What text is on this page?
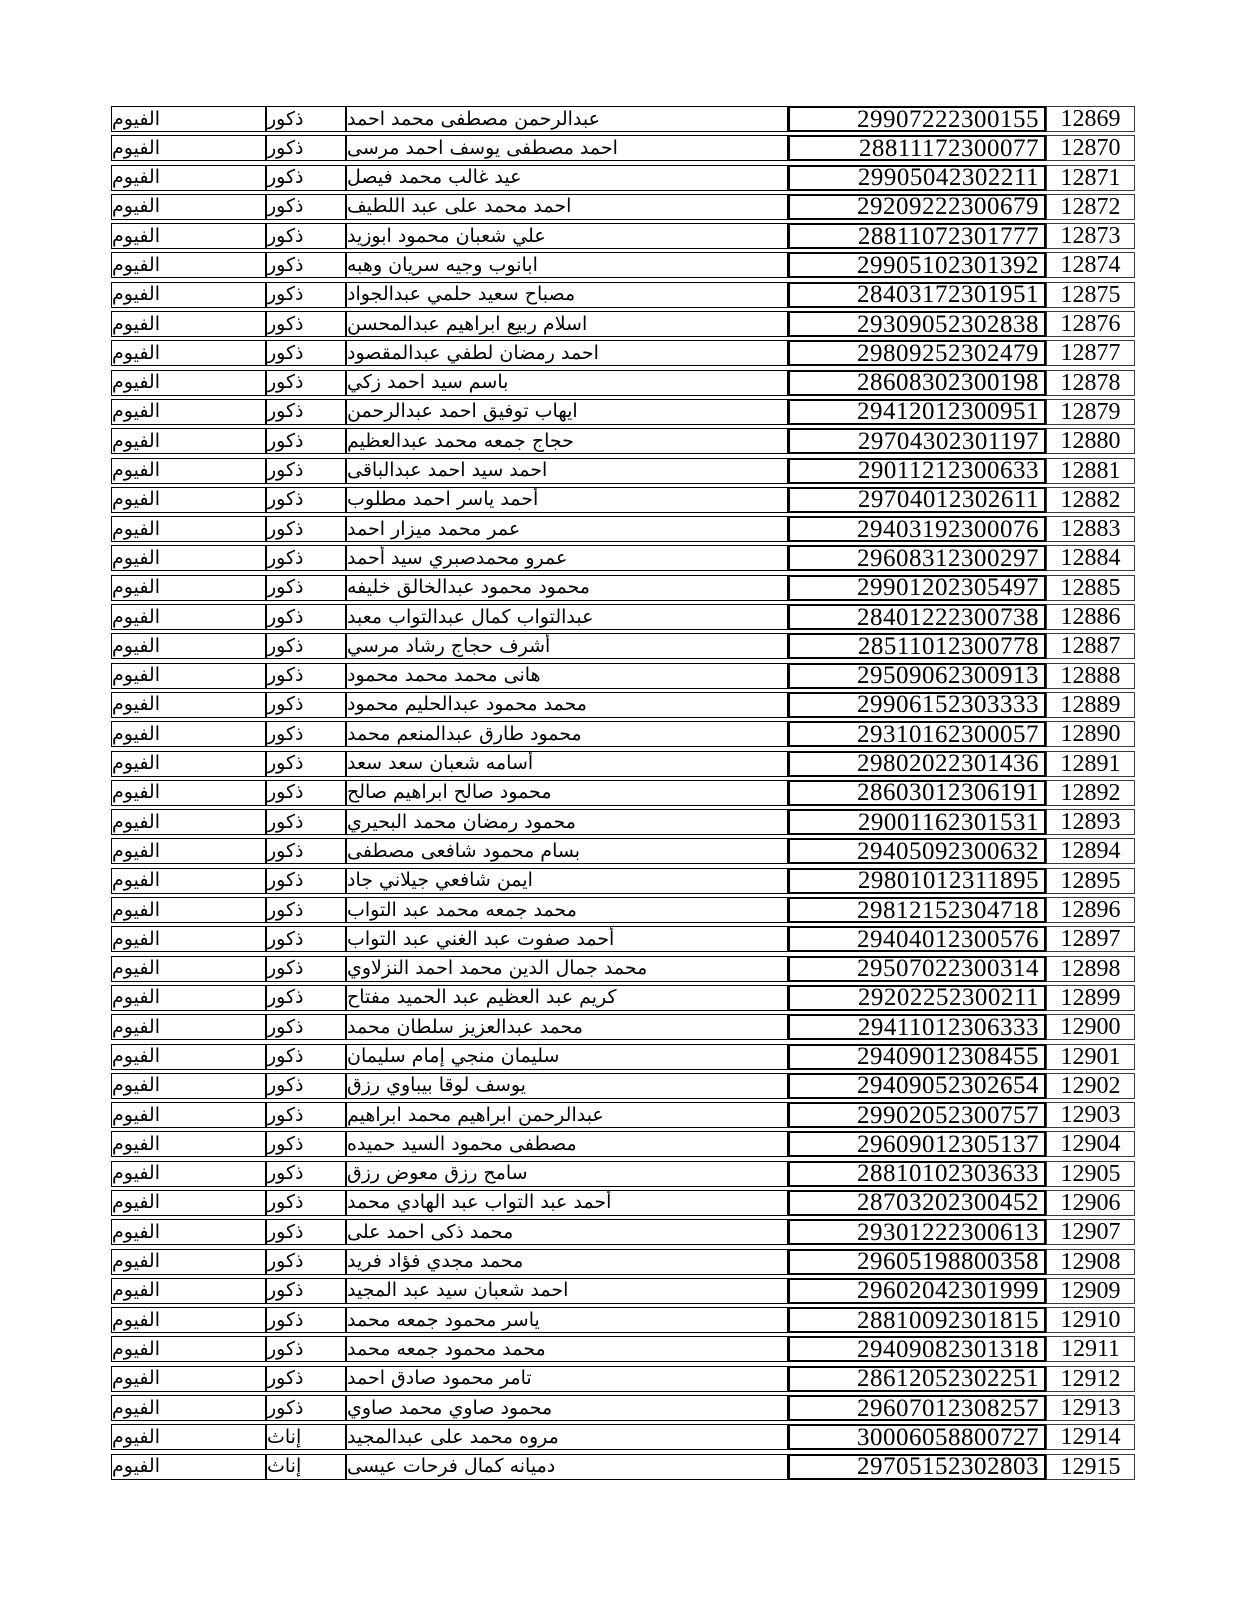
الفيوم	ذكور	عبدالرحمن مصطفى محمد احمد	29907222300155 12869
الفيوم	ذكور	احمد مصطفى يوسف احمد مرسى	28811172300077 12870
الفيوم	ذكور	عيد غالب محمد فيصل	29905042302211 12871
الفيوم	ذكور	احمد محمد على عبد اللطيف	29209222300679 12872
الفيوم	ذكور	علي شعبان محمود ابوزيد	28811072301777 12873
الفيوم	ذكور	ابانوب وجيه سريان وهبه	29905102301392 12874
الفيوم	ذكور	مصباح سعيد حلمي عبدالجواد	28403172301951 12875
الفيوم	ذكور	اسلام ربيع ابراهيم عبدالمحسن	29309052302838 12876
الفيوم	ذكور	احمد رمضان لطفي عبدالمقصود	29809252302479 12877
الفيوم	ذكور	باسم سيد احمد زكي	28608302300198 12878
الفيوم	ذكور	ايهاب توفيق احمد عبدالرحمن	29412012300951 12879
الفيوم	ذكور	حجاج جمعه محمد عبدالعظيم	29704302301197 12880
الفيوم	ذكور	احمد سيد احمد عبدالباقى	29011212300633 12881
الفيوم	ذكور	أحمد ياسر احمد مطلوب	29704012302611 12882
الفيوم	ذكور	عمر محمد ميزار احمد	29403192300076 12883
الفيوم	ذكور	عمرو محمدصبري سيد أحمد	29608312300297 12884
الفيوم	ذكور	محمود محمود عبدالخالق خليفه	29901202305497 12885
الفيوم	ذكور	عبدالتواب كمال عبدالتواب معبد	28401222300738 12886
الفيوم	ذكور	أشرف حجاج رشاد مرسي	28511012300778 12887
الفيوم	ذكور	هانى محمد محمد محمود	29509062300913 12888
الفيوم	ذكور	محمد محمود عبدالحليم محمود	29906152303333 12889
الفيوم	ذكور	محمود طارق عبدالمنعم محمد	29310162300057 12890
الفيوم	ذكور	أسامه شعبان سعد سعد	29802022301436 12891
الفيوم	ذكور	محمود صالح ابراهيم صالح	28603012306191 12892
الفيوم	ذكور	محمود رمضان محمد البحيري	29001162301531 12893
الفيوم	ذكور	بسام محمود شافعى مصطفى	29405092300632 12894
الفيوم	ذكور	ايمن شافعي جيلاني جاد	29801012311895 12895
الفيوم	ذكور	محمد جمعه محمد عبد التواب	29812152304718 12896
الفيوم	ذكور	أحمد صفوت عبد الغني عبد التواب	29404012300576 12897
الفيوم	ذكور	محمد جمال الدين محمد احمد النزلاوي	29507022300314 12898
الفيوم	ذكور	كريم عبد العظيم عبد الحميد مفتاح	29202252300211 12899
الفيوم	ذكور	محمد عبدالعزيز سلطان محمد	29411012306333 12900
الفيوم	ذكور	سليمان منجي إمام سليمان	29409012308455 12901
الفيوم	ذكور	يوسف لوقا بيباوي رزق	29409052302654 12902
الفيوم	ذكور	عبدالرحمن ابراهيم محمد ابراهيم	29902052300757 12903
الفيوم	ذكور	مصطفى محمود السيد حميده	29609012305137 12904
الفيوم	ذكور	سامح رزق معوض رزق	28810102303633 12905
الفيوم	ذكور	أحمد عبد التواب عبد الهادي محمد	28703202300452 12906
الفيوم	ذكور	محمد ذكى احمد على	29301222300613 12907
الفيوم	ذكور	محمد مجدي فؤاد فريد	29605198800358 12908
الفيوم	ذكور	احمد شعبان سيد عبد المجيد	29602042301999 12909
الفيوم	ذكور	ياسر محمود جمعه محمد	28810092301815 12910
الفيوم	ذكور	محمد محمود جمعه محمد	29409082301318 12911
الفيوم	ذكور	تامر محمود صادق احمد	28612052302251 12912
الفيوم	ذكور	محمود صاوي محمد صاوي	29607012308257 12913
الفيوم	إناث	مروه محمد على عبدالمجيد	30006058800727 12914
الفيوم	إناث	دميانه كمال فرحات عيسى	29705152302803 12915
